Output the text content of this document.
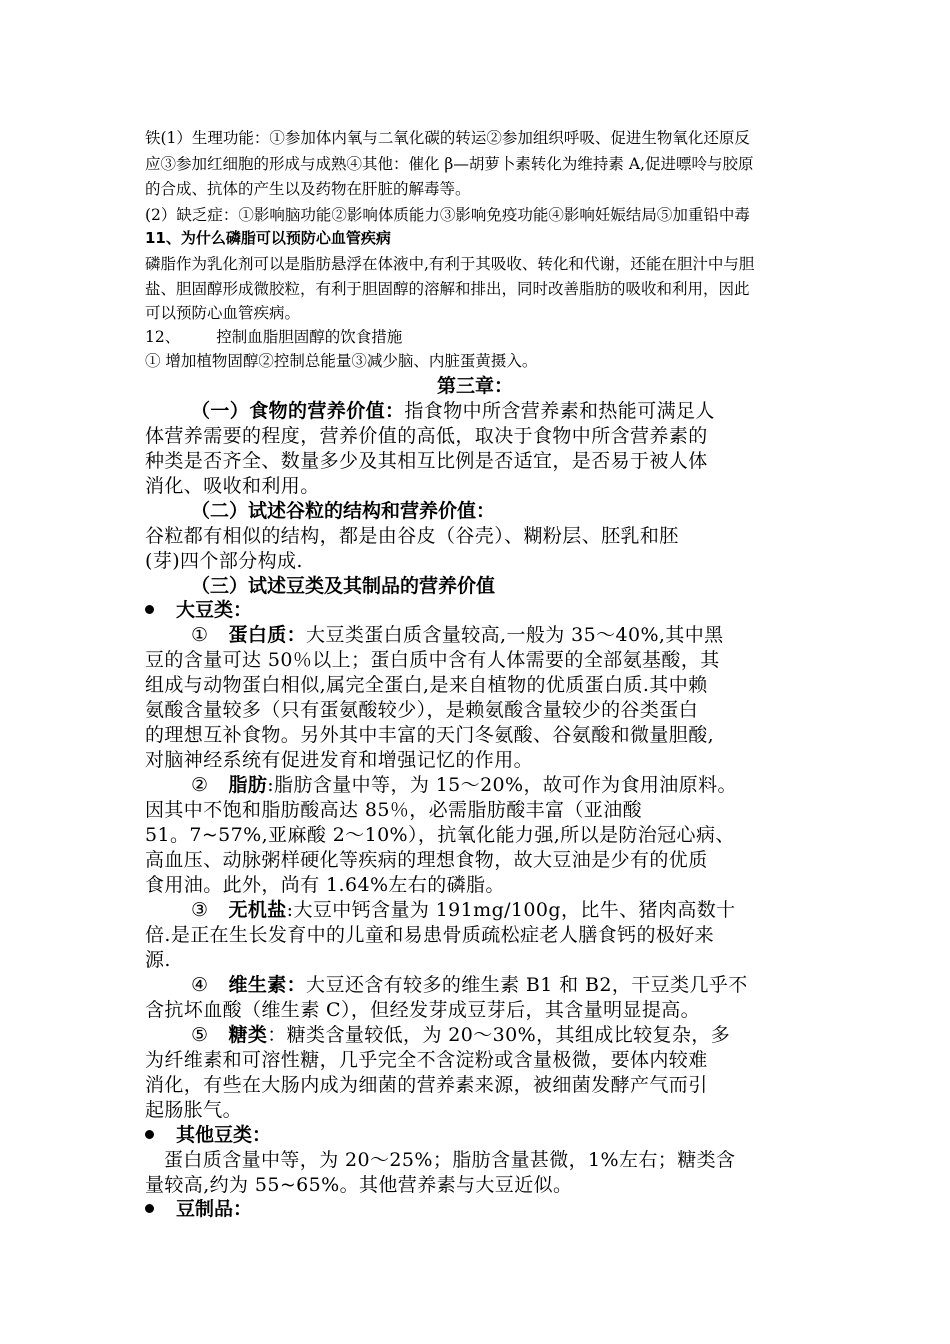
铁(1）生理功能：①参加体内氧与二氧化碳的转运②参加组织呼吸、促进生物氧化还原反

应③参加红细胞的形成与成熟④其他：催化 β—胡萝卜素转化为维持素 A,促进嘌呤与胶原

的合成、抗体的产生以及药物在肝脏的解毒等。

(2）缺乏症：①影响脑功能②影响体质能力③影响免疫功能④影响妊娠结局⑤加重铅中毒

11、为什么磷脂可以预防心血管疾病

磷脂作为乳化剂可以是脂肪悬浮在体液中,有利于其吸收、转化和代谢，还能在胆汁中与胆

盐、胆固醇形成微胶粒，有利于胆固醇的溶解和排出，同时改善脂肪的吸收和利用，因此

可以预防心血管疾病。

12、 控制血脂胆固醇的饮食措施

① 增加植物固醇②控制总能量③减少脑、内脏蛋黄摄入。

第三章：

（一）食物的营养价值：指食物中所含营养素和热能可满足人

体营养需要的程度，营养价值的高低，取决于食物中所含营养素的

种类是否齐全、数量多少及其相互比例是否适宜，是否易于被人体

消化、吸收和利用。

（二）试述谷粒的结构和营养价值：

谷粒都有相似的结构，都是由谷皮（谷壳）、糊粉层、胚乳和胚

(芽)四个部分构成.

（三）试述豆类及其制品的营养价值

大豆类：

① 蛋白质：大豆类蛋白质含量较高,一般为 35～40%,其中黑

豆的含量可达 50％以上；蛋白质中含有人体需要的全部氨基酸，其

组成与动物蛋白相似,属完全蛋白,是来自植物的优质蛋白质.其中赖

氨酸含量较多（只有蛋氨酸较少），是赖氨酸含量较少的谷类蛋白

的理想互补食物。另外其中丰富的天门冬氨酸、谷氨酸和微量胆酸,

对脑神经系统有促进发育和增强记忆的作用。

② 脂肪:脂肪含量中等，为 15～20%，故可作为食用油原料。

因其中不饱和脂肪酸高达 85％，必需脂肪酸丰富（亚油酸

51。7~57%,亚麻酸 2～10%），抗氧化能力强,所以是防治冠心病、

高血压、动脉粥样硬化等疾病的理想食物，故大豆油是少有的优质

食用油。此外，尚有 1.64%左右的磷脂。

③ 无机盐:大豆中钙含量为 191mg/100g，比牛、猪肉高数十

倍.是正在生长发育中的儿童和易患骨质疏松症老人膳食钙的极好来

源.

④ 维生素：大豆还含有较多的维生素 B1 和 B2，干豆类几乎不

含抗坏血酸（维生素 C），但经发芽成豆芽后，其含量明显提高。

⑤ 糖类：糖类含量较低，为 20～30%，其组成比较复杂，多

为纤维素和可溶性糖，几乎完全不含淀粉或含量极微，要体内较难

消化，有些在大肠内成为细菌的营养素来源，被细菌发酵产气而引

起肠胀气。

其他豆类：

蛋白质含量中等，为 20～25%；脂肪含量甚微，1%左右；糖类含

量较高,约为 55~65%。其他营养素与大豆近似。

豆制品：
